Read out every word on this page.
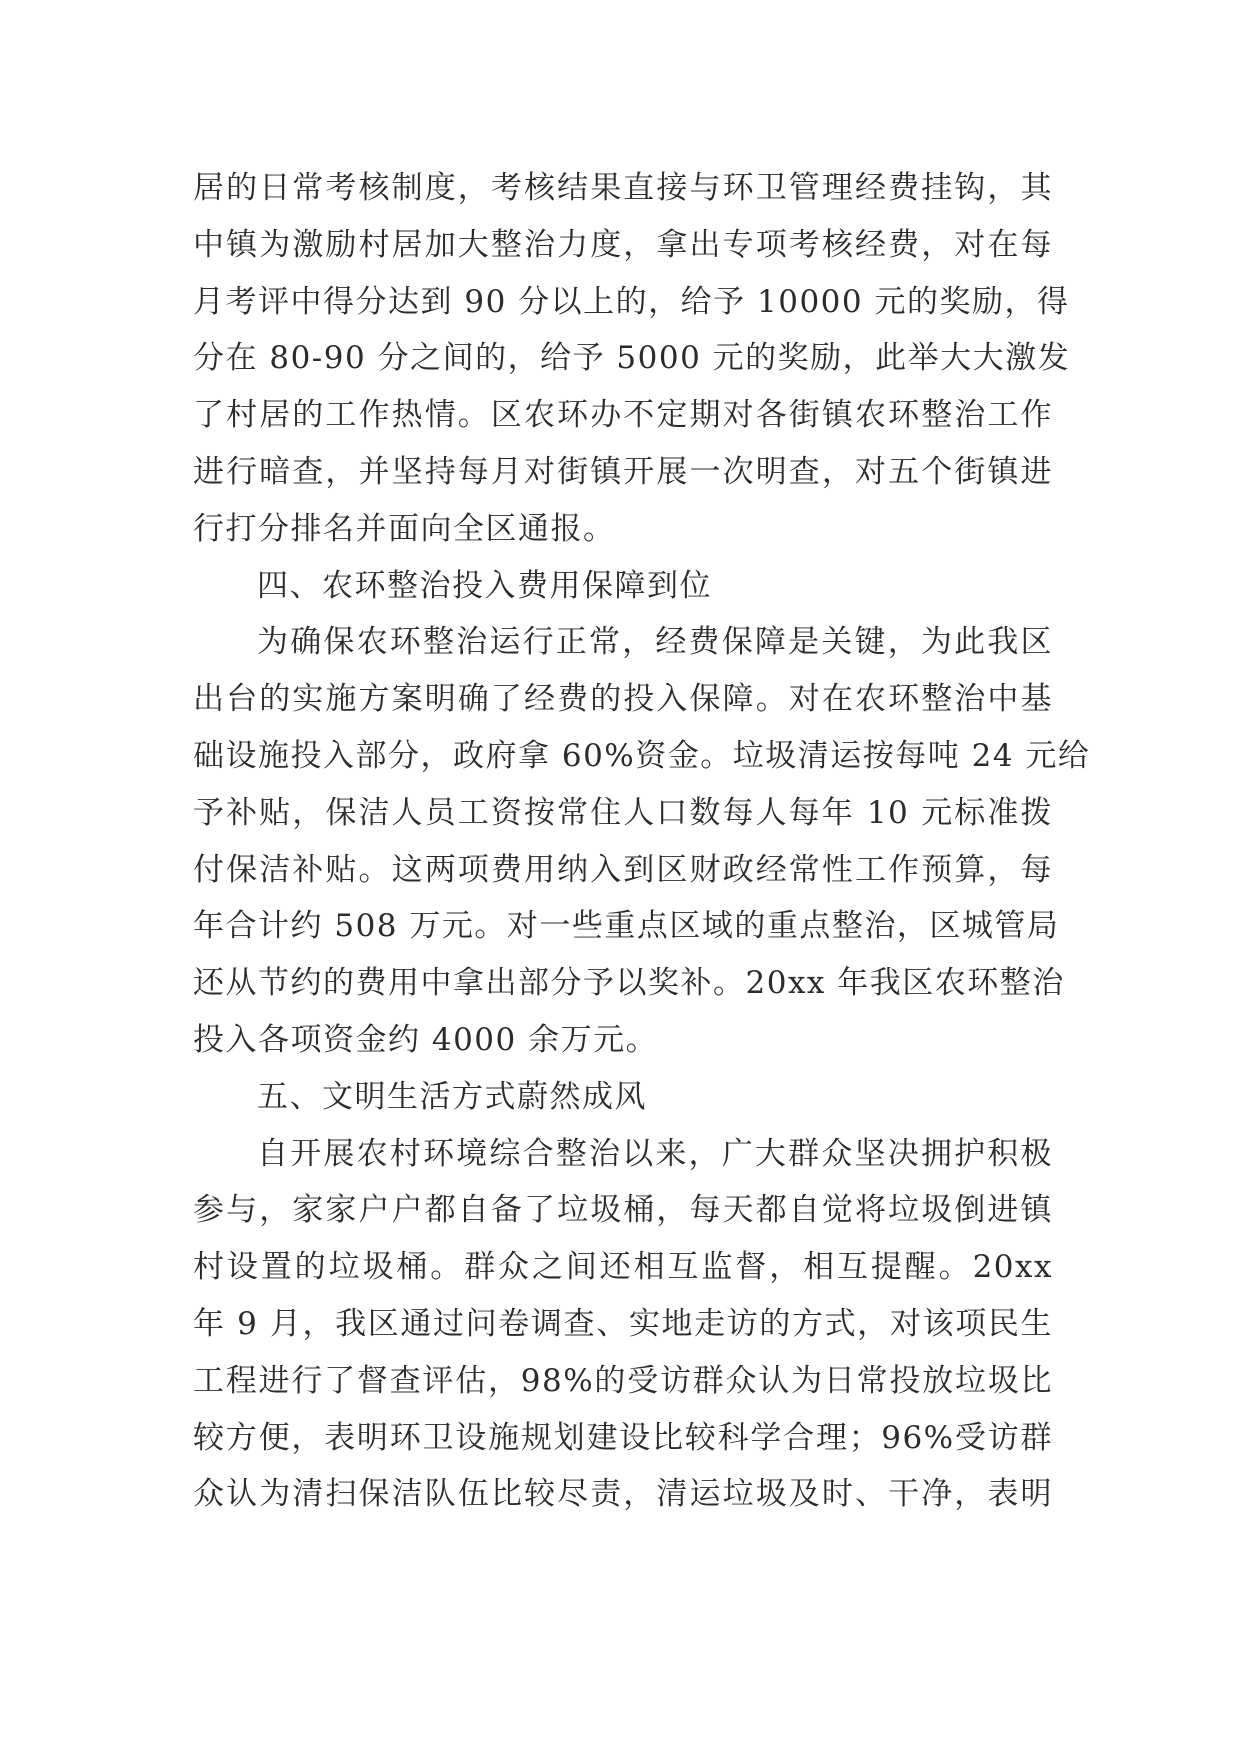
居的日常考核制度，考核结果直接与环卫管理经费挂钩，其
中镇为激励村居加大整治力度，拿出专项考核经费，对在每
月考评中得分达到 90 分以上的，给予 10000 元的奖励，得
分在 80-90 分之间的，给予 5000 元的奖励，此举大大激发
了村居的工作热情。区农环办不定期对各街镇农环整治工作
进行暗查，并坚持每月对街镇开展一次明查，对五个街镇进
行打分排名并面向全区通报。
四、农环整治投入费用保障到位
为确保农环整治运行正常，经费保障是关键，为此我区
出台的实施方案明确了经费的投入保障。对在农环整治中基
础设施投入部分，政府拿 60%资金。垃圾清运按每吨 24 元给
予补贴，保洁人员工资按常住人口数每人每年 10 元标准拨
付保洁补贴。这两项费用纳入到区财政经常性工作预算，每
年合计约 508 万元。对一些重点区域的重点整治，区城管局
还从节约的费用中拿出部分予以奖补。20xx 年我区农环整治
投入各项资金约 4000 余万元。
五、文明生活方式蔚然成风
自开展农村环境综合整治以来，广大群众坚决拥护积极
参与，家家户户都自备了垃圾桶，每天都自觉将垃圾倒进镇
村设置的垃圾桶。群众之间还相互监督，相互提醒。20xx
年 9 月，我区通过问卷调查、实地走访的方式，对该项民生
工程进行了督查评估，98%的受访群众认为日常投放垃圾比
较方便，表明环卫设施规划建设比较科学合理；96%受访群
众认为清扫保洁队伍比较尽责，清运垃圾及时、干净，表明
